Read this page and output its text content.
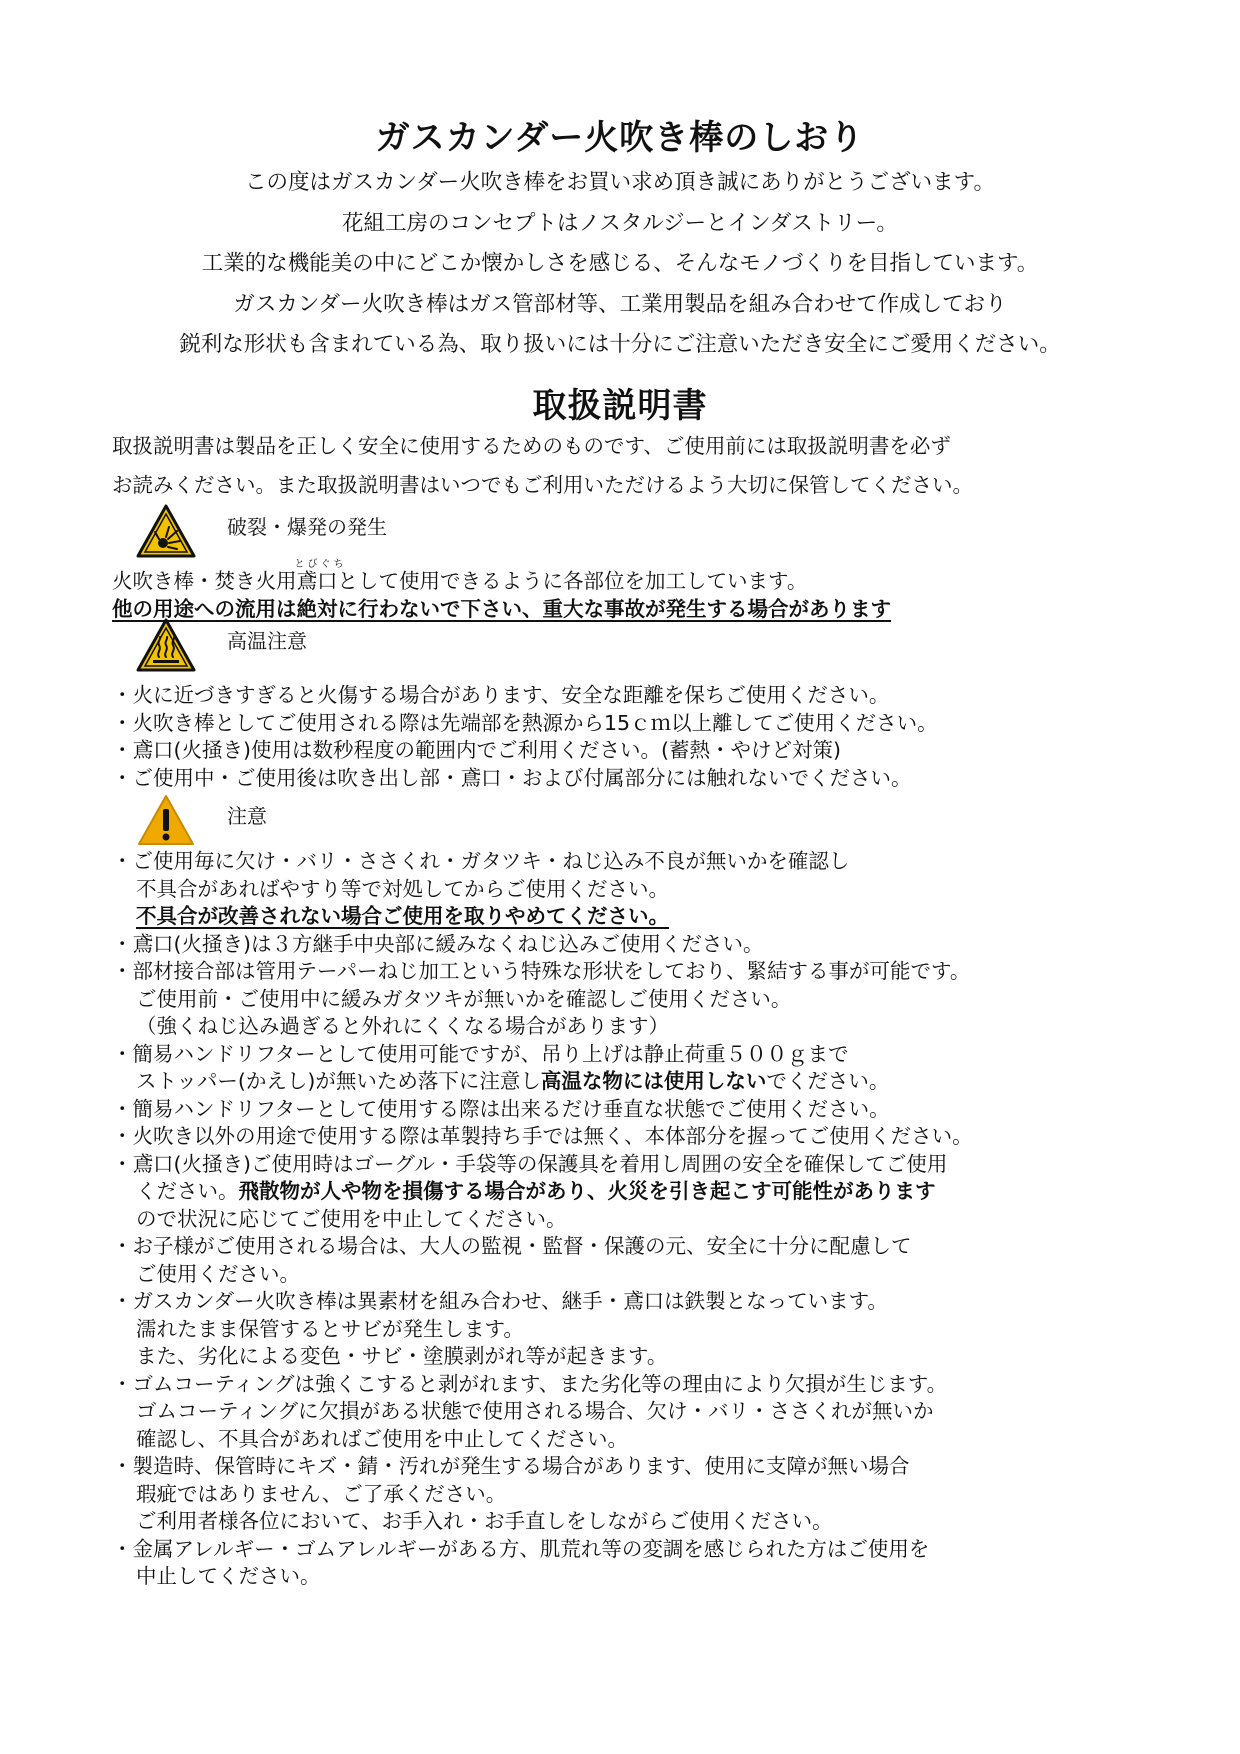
ガスカンダー火吹き棒のしおり
この度はガスカンダー火吹き棒をお買い求め頂き誠にありがとうございます。
花組工房のコンセプトはノスタルジーとインダストリー。
工業的な機能美の中にどこか懐かしさを感じる、そんなモノづくりを目指しています。
ガスカンダー火吹き棒はガス管部材等、工業用製品を組み合わせて作成しており
鋭利な形状も含まれている為、取り扱いには十分にご注意いただき安全にご愛用ください。
取扱説明書
取扱説明書は製品を正しく安全に使用するためのものです、ご使用前には取扱説明書を必ず
お読みください。また取扱説明書はいつでもご利用いただけるよう大切に保管してください。
破裂・爆発の発生
火吹き棒・焚き火用
とびぐち
鳶口として使用できるように各部位を加工しています。
他の用途への流用は絶対に行わないで下さい、重大な事故が発生する場合があります
高温注意
・火に近づきすぎると火傷する場合があります、安全な距離を保ちご使用ください。
・火吹き棒としてご使用される際は先端部を熱源から15ｃｍ以上離してご使用ください。
・鳶口(火掻き)使用は数秒程度の範囲内でご利用ください。(蓄熱・やけど対策)
・ご使用中・ご使用後は吹き出し部・鳶口・および付属部分には触れないでください。
注意
・ご使用毎に欠け・バリ・ささくれ・ガタツキ・ねじ込み不良が無いかを確認し
不具合があればやすり等で対処してからご使用ください。
不具合が改善されない場合ご使用を取りやめてください。
・鳶口(火掻き)は３方継手中央部に緩みなくねじ込みご使用ください。
・部材接合部は管用テーパーねじ加工という特殊な形状をしており、緊結する事が可能です。
ご使用前・ご使用中に緩みガタツキが無いかを確認しご使用ください。
（強くねじ込み過ぎると外れにくくなる場合があります）
・簡易ハンドリフターとして使用可能ですが、吊り上げは静止荷重５００ｇまで
ストッパー(かえし)が無いため落下に注意し高温な物には使用しないでください。
・簡易ハンドリフターとして使用する際は出来るだけ垂直な状態でご使用ください。
・火吹き以外の用途で使用する際は革製持ち手では無く、本体部分を握ってご使用ください。
・鳶口(火掻き)ご使用時はゴーグル・手袋等の保護具を着用し周囲の安全を確保してご使用
ください。飛散物が人や物を損傷する場合があり、火災を引き起こす可能性があります
ので状況に応じてご使用を中止してください。
・お子様がご使用される場合は、大人の監視・監督・保護の元、安全に十分に配慮して
ご使用ください。
・ガスカンダー火吹き棒は異素材を組み合わせ、継手・鳶口は鉄製となっています。
濡れたまま保管するとサビが発生します。
また、劣化による変色・サビ・塗膜剥がれ等が起きます。
・ゴムコーティングは強くこすると剥がれます、また劣化等の理由により欠損が生じます。
ゴムコーティングに欠損がある状態で使用される場合、欠け・バリ・ささくれが無いか
確認し、不具合があればご使用を中止してください。
・製造時、保管時にキズ・錆・汚れが発生する場合があります、使用に支障が無い場合
瑕疵ではありません、ご了承ください。
ご利用者様各位において、お手入れ・お手直しをしながらご使用ください。
・金属アレルギー・ゴムアレルギーがある方、肌荒れ等の変調を感じられた方はご使用を
中止してください。
